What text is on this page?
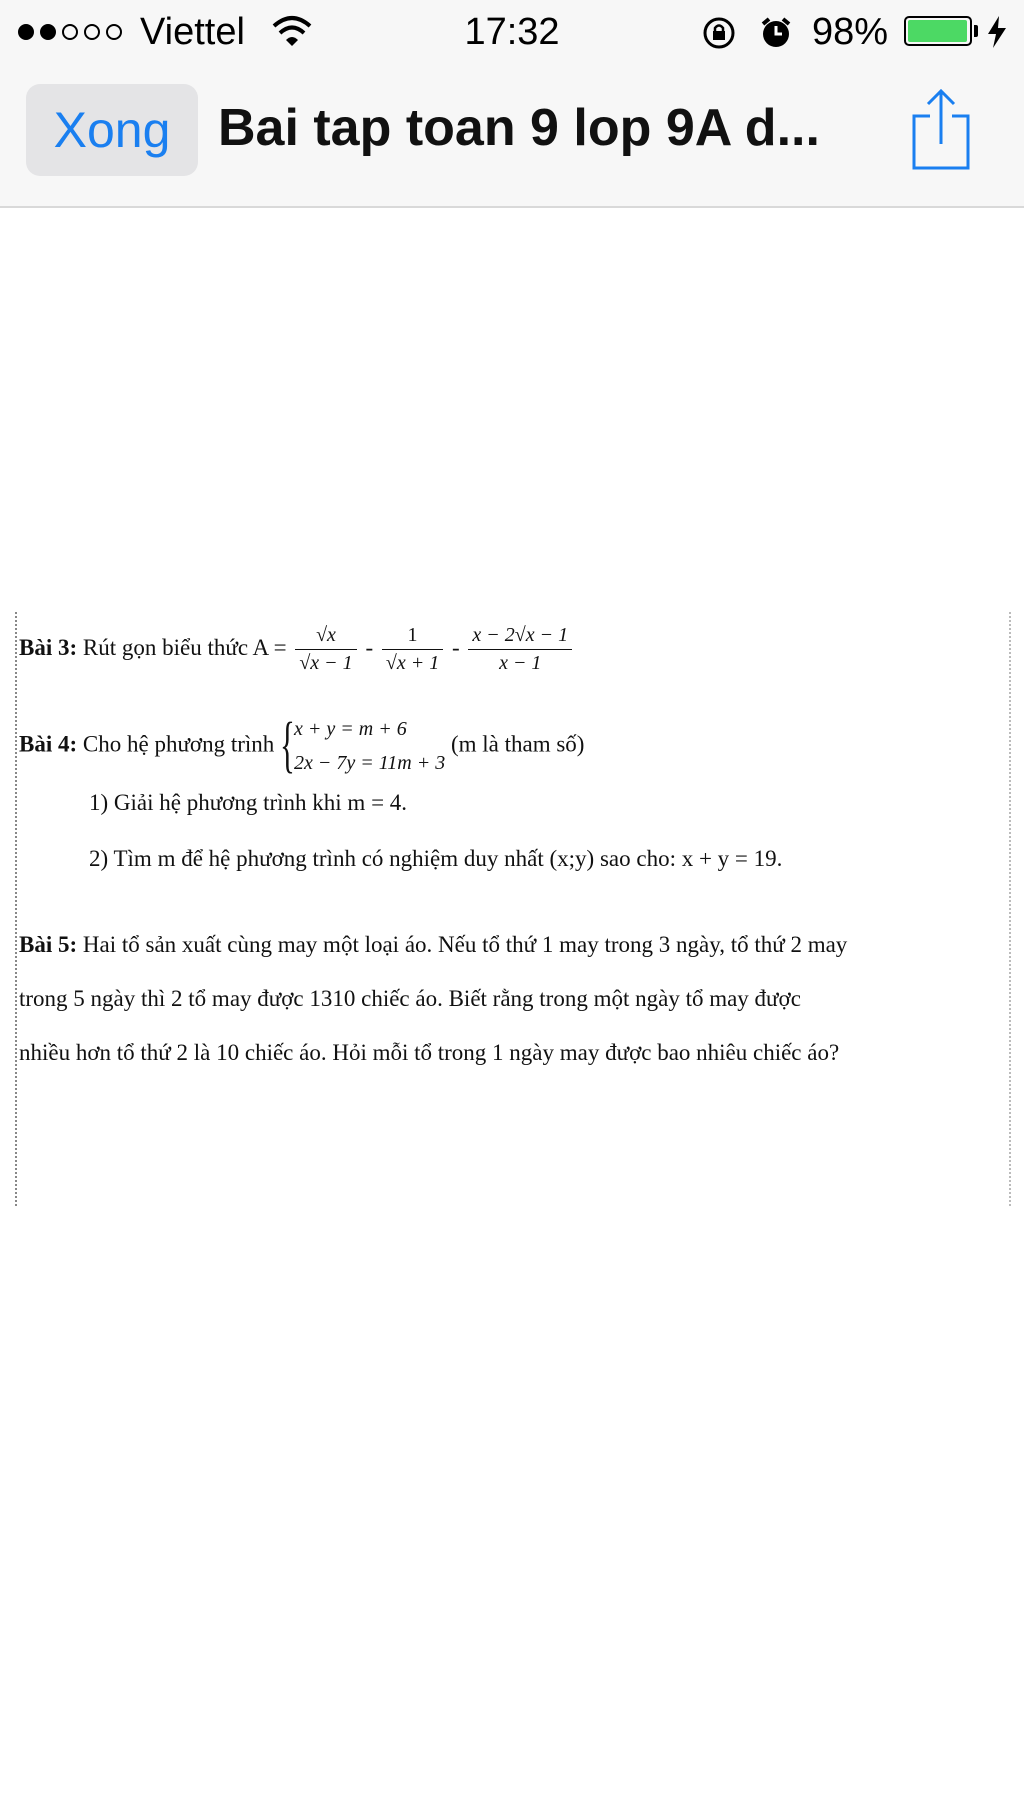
Viettel	17:32	98%
Xong Bai tap toan 9 lop 9A d...
Bài 3: Rút gọn biểu thức $A = \frac{√x}{√x - 1} - \frac{1}{√x + 1} - \frac{x - 2√x - 1}{x - 1}$
Bài 4: Cho hệ phương trình { x + y = m + 6
2x − 7y = 11m + 3
(m là tham số)
1) Giải hệ phương trình khi m = 4.
2) Tìm m để hệ phương trình có nghiệm duy nhất (x;y) sao cho: x + y = 19.
Bài 5: Hai tổ sản xuất cùng may một loại áo. Nếu tổ thứ 1 may trong 3 ngày, tổ thứ 2 may
trong 5 ngày thì 2 tổ may được 1310 chiếc áo. Biết rằng trong một ngày tổ may được
nhiều hơn tổ thứ 2 là 10 chiếc áo. Hỏi mỗi tổ trong 1 ngày may được bao nhiêu chiếc áo?
